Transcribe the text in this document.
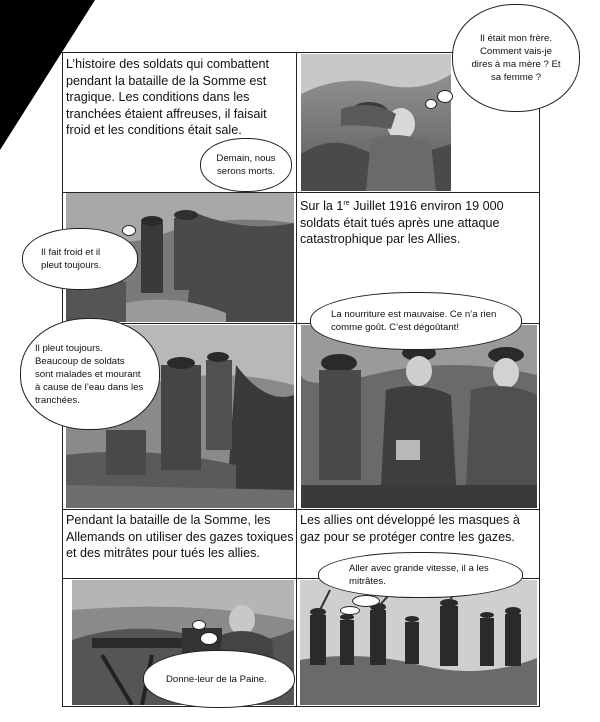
L’histoire des soldats qui combattent pendant la bataille de la Somme est tragique. Les conditions dans les tranchées étaient affreuses, il faisait froid et les conditions était sale.
Il était mon frère. Comment vais-je dires à ma mère ? Et sa femme ?
Demain, nous serons morts.
Il fait froid et il pleut toujours.
Sur la 1re Juillet 1916 environ 19 000 soldats était tués après une attaque catastrophique par les Allies.
Il pleut toujours. Beaucoup de soldats sont malades et mourant à cause de l’eau dans les tranchées.
La nourriture est mauvaise. Ce n’a rien comme goût. C’est dégoûtant!
Pendant la bataille de la Somme, les Allemands on utiliser des gazes toxiques et des mitrâtes pour tués les allies.
Les allies ont développé les masques à gaz pour se protéger contre les gazes.
Donne-leur de la Paine.
Aller avec grande vitesse, il a les mitrâtes.
